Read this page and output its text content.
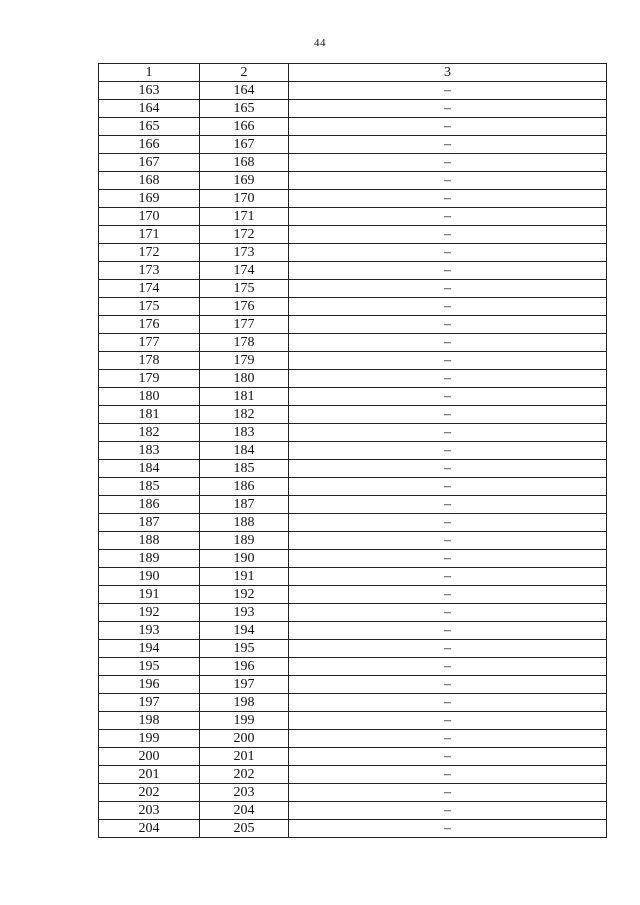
44
1	2	3
163	164	–
164	165	–
165	166	–
166	167	–
167	168	–
168	169	–
169	170	–
170	171	–
171	172	–
172	173	–
173	174	–
174	175	–
175	176	–
176	177	–
177	178	–
178	179	–
179	180	–
180	181	–
181	182	–
182	183	–
183	184	–
184	185	–
185	186	–
186	187	–
187	188	–
188	189	–
189	190	–
190	191	–
191	192	–
192	193	–
193	194	–
194	195	–
195	196	–
196	197	–
197	198	–
198	199	–
199	200	–
200	201	–
201	202	–
202	203	–
203	204	–
204	205	–
